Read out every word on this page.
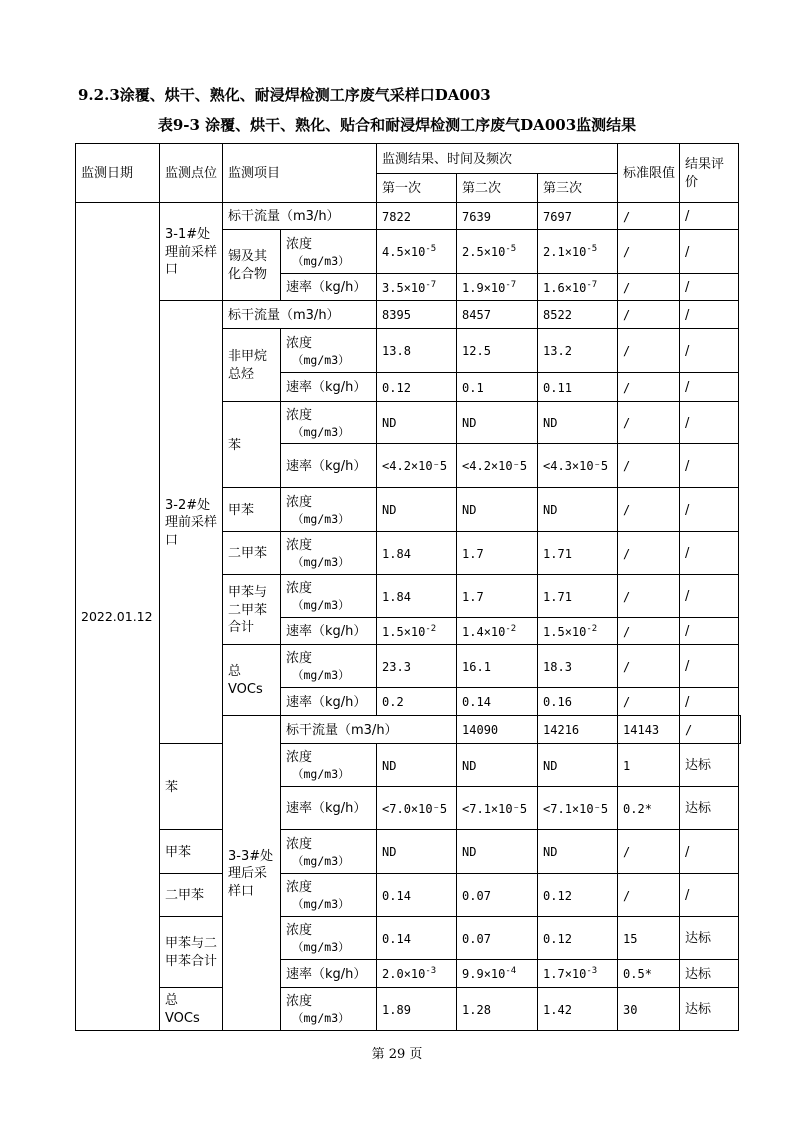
9.2.3涂覆、烘干、熟化、耐浸焊检测工序废气采样口DA003
表9-3 涂覆、烘干、熟化、贴合和耐浸焊检测工序废气DA003监测结果
监测日期	监测点位	监测项目		监测结果、时间及频次			标准限值	结果评价	
				第一次	第二次	第三次			
2022.01.12	3-1#处理前采样口	标干流量（m3/h）		7822	7639	7697	/	/	
		锡及其化合物	浓度
（mg/m3）	$4.5\times 10^{-5}$	$2.5\times 10^{-5}$	$2.1\times 10^{-5}$	/	/	
			速率（kg/h）	$3.5\times 10^{-7}$	$1.9\times 10^{-7}$	$1.6\times 10^{-7}$	/	/	
	3-2#处理前采样口	标干流量（m3/h）		8395	8457	8522	/	/	
		非甲烷总烃	浓度
（mg/m3）	13.8	12.5	13.2	/	/	
			速率（kg/h）	0.12	0.1	0.11	/	/	
		苯	浓度
（mg/m3）	ND	ND	ND	/	/	
			速率（kg/h）	<4.2×10⁻5	<4.2×10⁻5	<4.3×10⁻5	/	/	
		甲苯	浓度
（mg/m3）	ND	ND	ND	/	/	
		二甲苯	浓度
（mg/m3）	1.84	1.7	1.71	/	/	
		甲苯与二甲苯合计	浓度
（mg/m3）	1.84	1.7	1.71	/	/	
			速率（kg/h）	$1.5\times 10^{-2}$	$1.4\times 10^{-2}$	$1.5\times 10^{-2}$	/	/	
		总
VOCs	浓度
（mg/m3）	23.3	16.1	18.3	/	/	
			速率（kg/h）	0.2	0.14	0.16	/	/	
		3-3#处理后采样口	标干流量（m3/h）		14090	14216	14143	/	
	苯		浓度
（mg/m3）	ND	ND	ND	1	达标	
			速率（kg/h）	<7.0×10⁻5	<7.1×10⁻5	<7.1×10⁻5	0.2*	达标	
	甲苯		浓度
（mg/m3）	ND	ND	ND	/	/	
	二甲苯		浓度
（mg/m3）	0.14	0.07	0.12	/	/	
	甲苯与二甲苯合计		浓度
（mg/m3）	0.14	0.07	0.12	15	达标	
			速率（kg/h）	$2.0\times 10^{-3}$	$9.9\times 10^{-4}$	$1.7\times 10^{-3}$	0.5*	达标	
	总
VOCs		浓度
（mg/m3）	1.89	1.28	1.42	30	达标	
第 29 页
